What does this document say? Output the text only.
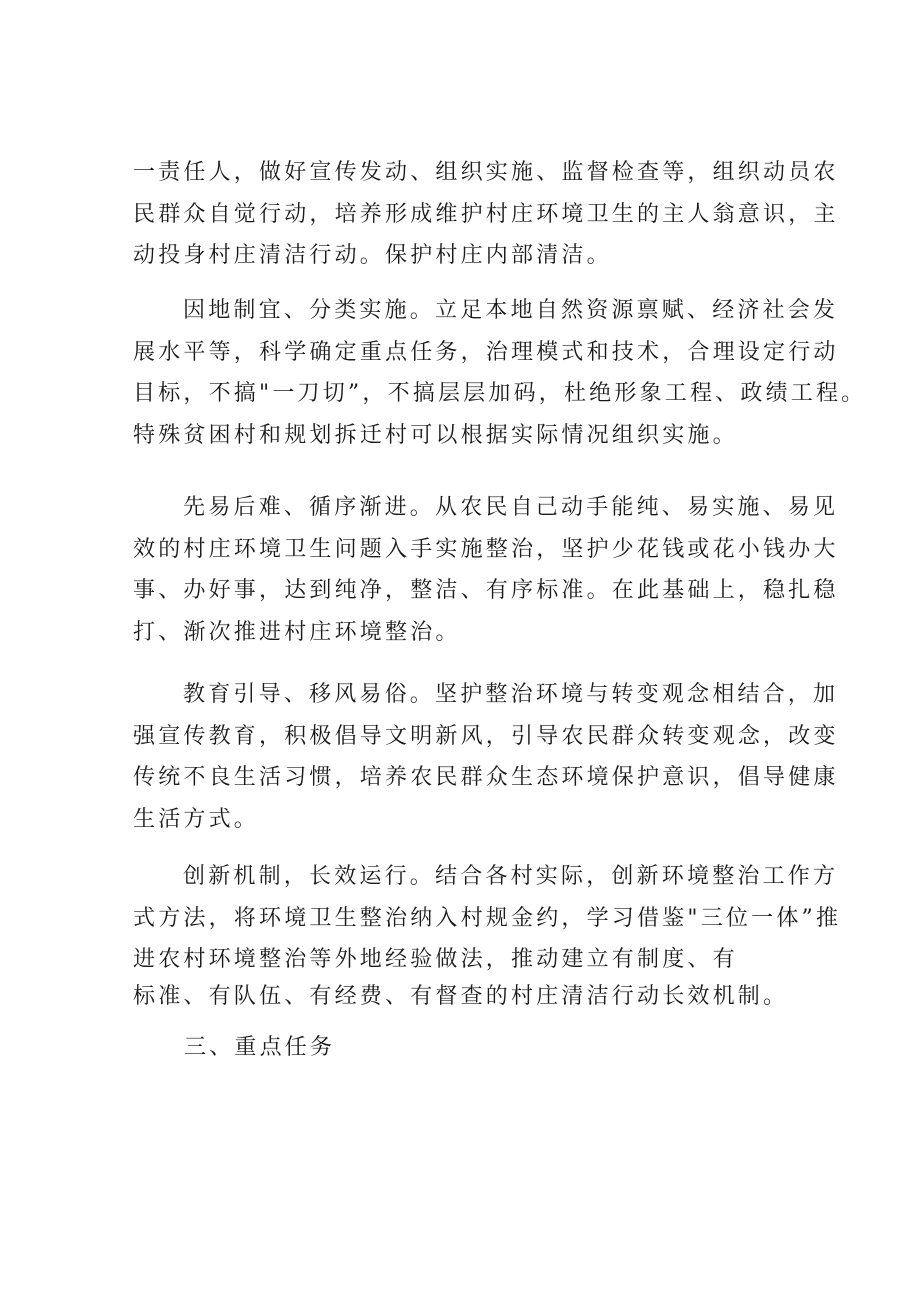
一责任人，做好宣传发动、组织实施、监督检查等，组织动员农
民群众自觉行动，培养形成维护村庄环境卫生的主人翁意识，主
动投身村庄清洁行动。保护村庄内部清洁。
因地制宜、分类实施。立足本地自然资源禀赋、经济社会发
展水平等，科学确定重点任务，治理模式和技术，合理设定行动
目标，不搞"一刀切”，不搞层层加码，杜绝形象工程、政绩工程。
特殊贫困村和规划拆迁村可以根据实际情况组织实施。
先易后难、循序渐进。从农民自己动手能纯、易实施、易见
效的村庄环境卫生问题入手实施整治，坚护少花钱或花小钱办大
事、办好事，达到纯净，整洁、有序标准。在此基础上，稳扎稳
打、渐次推进村庄环境整治。
教育引导、移风易俗。坚护整治环境与转变观念相结合，加
强宣传教育，积极倡导文明新风，引导农民群众转变观念，改变
传统不良生活习惯，培养农民群众生态环境保护意识，倡导健康
生活方式。
创新机制，长效运行。结合各村实际，创新环境整治工作方
式方法，将环境卫生整治纳入村规金约，学习借鉴"三位一体”推
进农村环境整治等外地经验做法，推动建立有制度、有
标准、有队伍、有经费、有督查的村庄清洁行动长效机制。
三、重点任务
